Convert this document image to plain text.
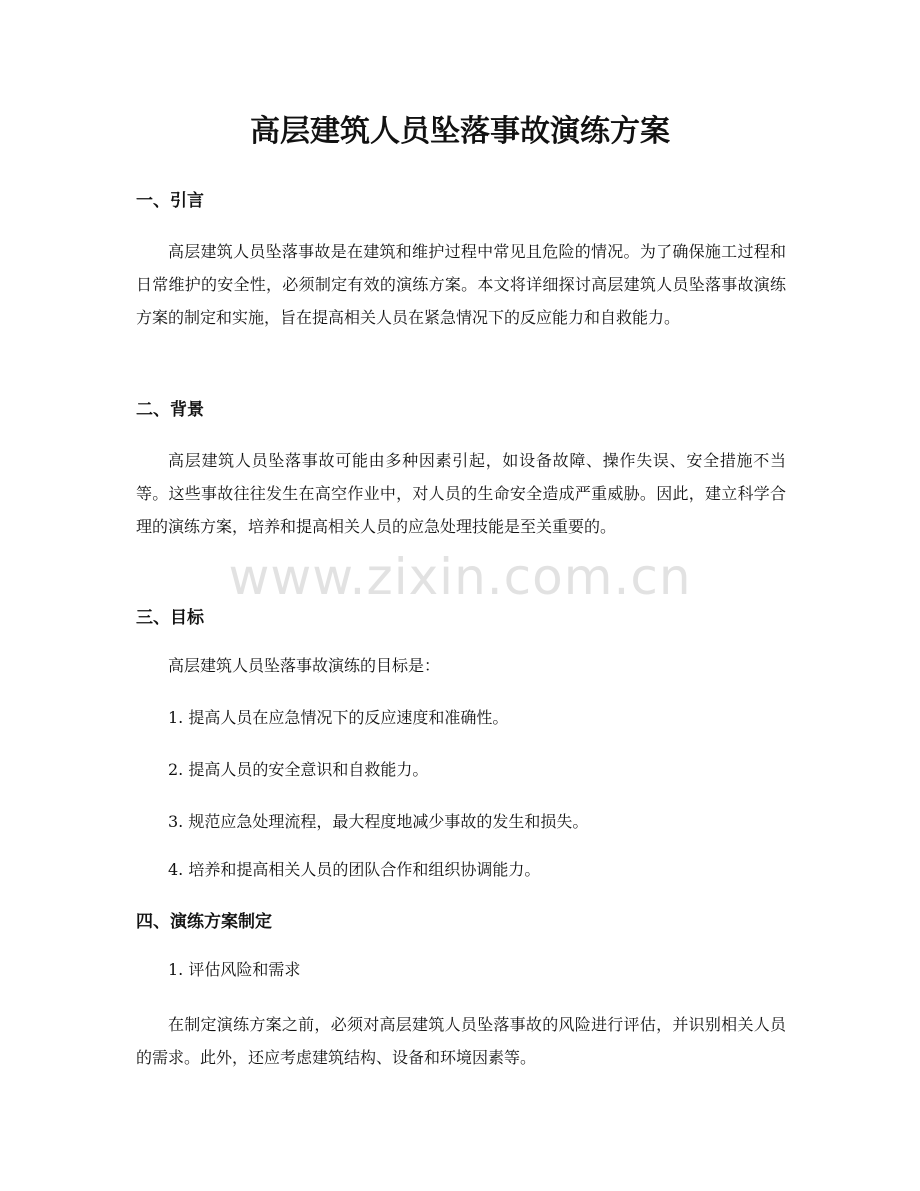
高层建筑人员坠落事故演练方案
一、引言

高层建筑人员坠落事故是在建筑和维护过程中常见且危险的情况。为了确保施工过程和日常维护的安全性，必须制定有效的演练方案。本文将详细探讨高层建筑人员坠落事故演练方案的制定和实施，旨在提高相关人员在紧急情况下的反应能力和自救能力。

二、背景

高层建筑人员坠落事故可能由多种因素引起，如设备故障、操作失误、安全措施不当等。这些事故往往发生在高空作业中，对人员的生命安全造成严重威胁。因此，建立科学合理的演练方案，培养和提高相关人员的应急处理技能是至关重要的。

三、目标

高层建筑人员坠落事故演练的目标是：

1. 提高人员在应急情况下的反应速度和准确性。

2. 提高人员的安全意识和自救能力。

3. 规范应急处理流程，最大程度地减少事故的发生和损失。

4. 培养和提高相关人员的团队合作和组织协调能力。

四、演练方案制定

1. 评估风险和需求

在制定演练方案之前，必须对高层建筑人员坠落事故的风险进行评估，并识别相关人员的需求。此外，还应考虑建筑结构、设备和环境因素等。

www.zixin.com.cn
